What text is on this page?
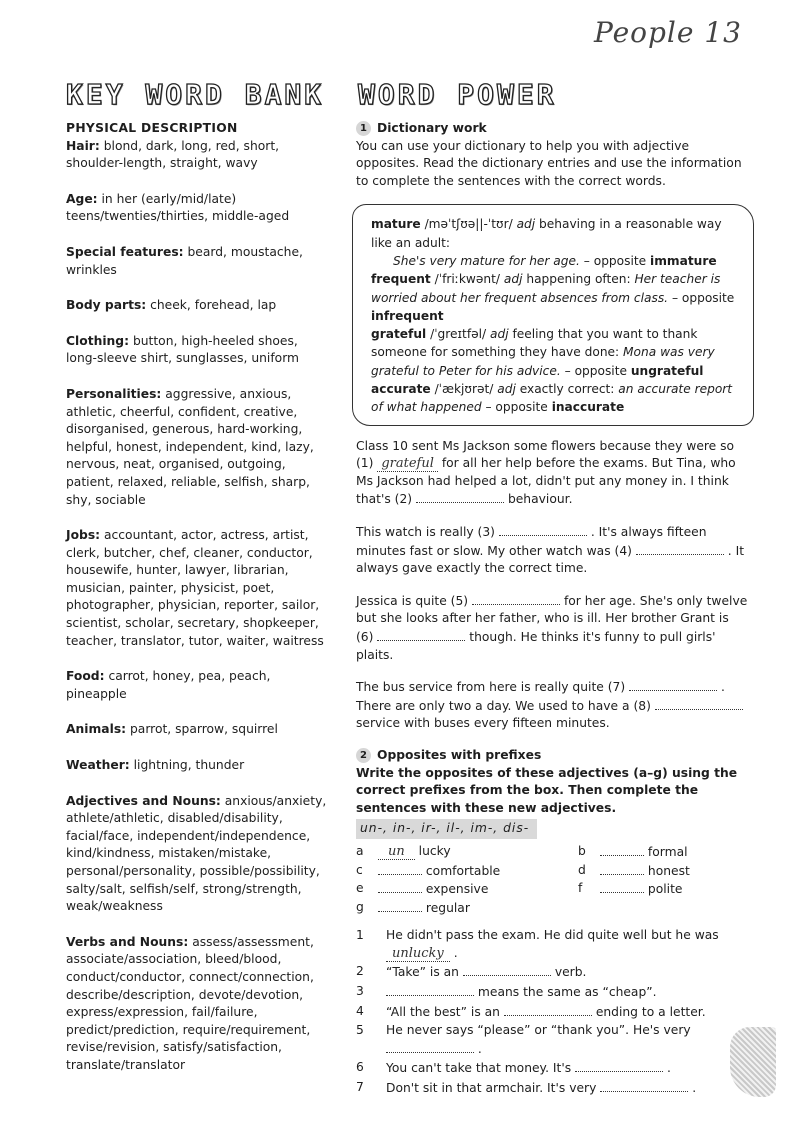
People 13
KEY WORD BANK WORD POWER
PHYSICAL DESCRIPTION
Hair: blond, dark, long, red, short, shoulder-length, straight, wavy
Age: in her (early/mid/late) teens/twenties/thirties, middle-aged
Special features: beard, moustache, wrinkles
Body parts: cheek, forehead, lap
Clothing: button, high-heeled shoes, long-sleeve shirt, sunglasses, uniform
Personalities: aggressive, anxious, athletic, cheerful, confident, creative, disorganised, generous, hard-working, helpful, honest, independent, kind, lazy, nervous, neat, organised, outgoing, patient, relaxed, reliable, selfish, sharp, shy, sociable
Jobs: accountant, actor, actress, artist, clerk, butcher, chef, cleaner, conductor, housewife, hunter, lawyer, librarian, musician, painter, physicist, poet, photographer, physician, reporter, sailor, scientist, scholar, secretary, shopkeeper, teacher, translator, tutor, waiter, waitress
Food: carrot, honey, pea, peach, pineapple
Animals: parrot, sparrow, squirrel
Weather: lightning, thunder
Adjectives and Nouns: anxious/anxiety, athlete/athletic, disabled/disability, facial/face, independent/independence, kind/kindness, mistaken/mistake, personal/personality, possible/possibility, salty/salt, selfish/self, strong/strength, weak/weakness
Verbs and Nouns: assess/assessment, associate/association, bleed/blood, conduct/conductor, connect/connection, describe/description, devote/devotion, express/expression, fail/failure, predict/prediction, require/requirement, revise/revision, satisfy/satisfaction, translate/translator
1 Dictionary work
You can use your dictionary to help you with adjective opposites. Read the dictionary entries and use the information to complete the sentences with the correct words.
mature /məˈtʃʊə||-ˈtʊr/ adj behaving in a reasonable way like an adult:
She's very mature for her age. – opposite immature
frequent /ˈfriːkwənt/ adj happening often: Her teacher is worried about her frequent absences from class. – opposite infrequent
grateful /ˈgreɪtfəl/ adj feeling that you want to thank someone for something they have done: Mona was very grateful to Peter for his advice. – opposite ungrateful
accurate /ˈækjʊrət/ adj exactly correct: an accurate report of what happened – opposite inaccurate
Class 10 sent Ms Jackson some flowers because they were so (1) grateful for all her help before the exams. But Tina, who Ms Jackson had helped a lot, didn't put any money in. I think that's (2)	behaviour.
This watch is really (3)	. It's always fifteen minutes fast or slow. My other watch was (4)	. It always gave exactly the correct time.
Jessica is quite (5)	for her age. She's only twelve but she looks after her father, who is ill. Her brother Grant is (6)	though. He thinks it's funny to pull girls' plaits.
The bus service from here is really quite (7)	. There are only two a day. We used to have a (8)  service with buses every fifteen minutes.
2 Opposites with prefixes
Write the opposites of these adjectives (a–g) using the correct prefixes from the box. Then complete the sentences with these new adjectives.
un-, in-, ir-, il-, im-, dis-
a	un lucky	b	formal
c	comfortable	d	honest
e	expensive	f	polite
g	regular
1	He didn't pass the exam. He did quite well but he was unlucky .
2	“Take” is an	verb.
3	means the same as “cheap”.
4	“All the best” is an	ending to a letter.
5	He never says “please” or “thank you”. He's very
.
6	You can't take that money. It's	.
7	Don't sit in that armchair. It's very	.
